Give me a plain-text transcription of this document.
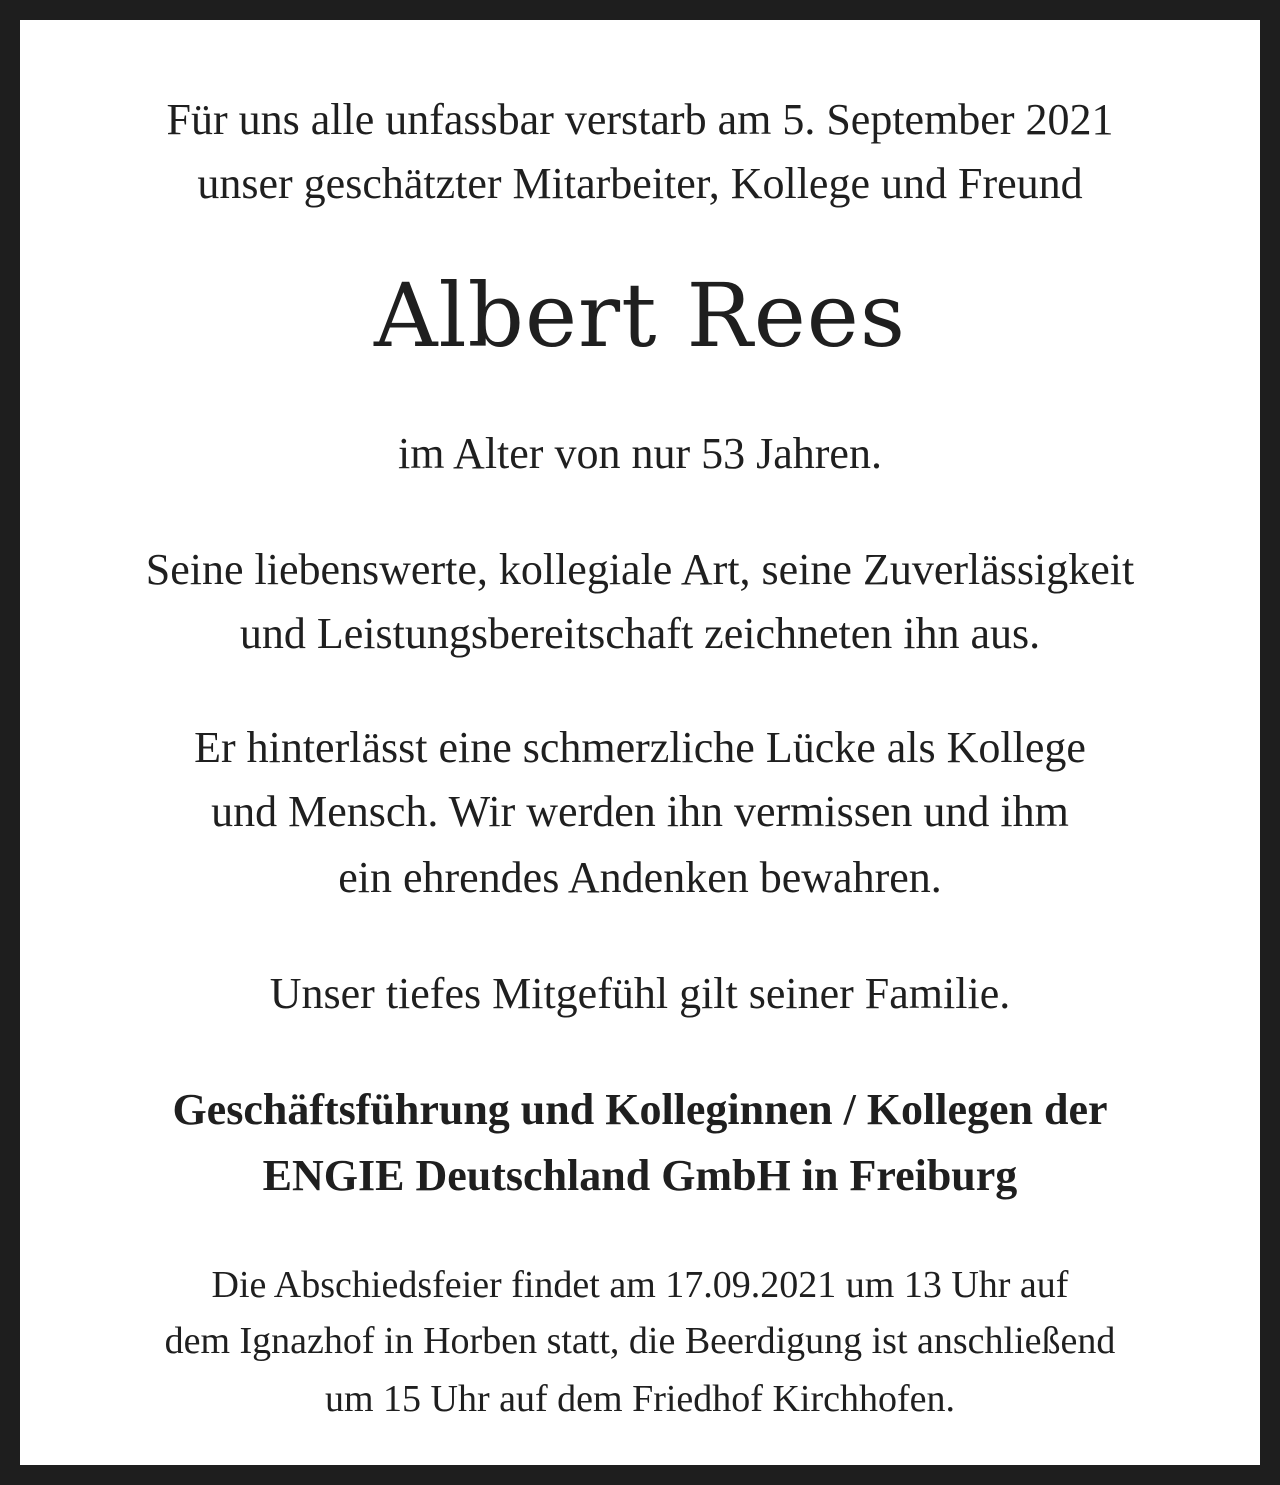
Für uns alle unfassbar verstarb am 5. September 2021
unser geschätzter Mitarbeiter, Kollege und Freund
Albert Rees
im Alter von nur 53 Jahren.
Seine liebenswerte, kollegiale Art, seine Zuverlässigkeit
und Leistungsbereitschaft zeichneten ihn aus.
Er hinterlässt eine schmerzliche Lücke als Kollege
und Mensch. Wir werden ihn vermissen und ihm
ein ehrendes Andenken bewahren.
Unser tiefes Mitgefühl gilt seiner Familie.
Geschäftsführung und Kolleginnen / Kollegen der
ENGIE Deutschland GmbH in Freiburg
Die Abschiedsfeier findet am 17.09.2021 um 13 Uhr auf
dem Ignazhof in Horben statt, die Beerdigung ist anschließend
um 15 Uhr auf dem Friedhof Kirchhofen.
